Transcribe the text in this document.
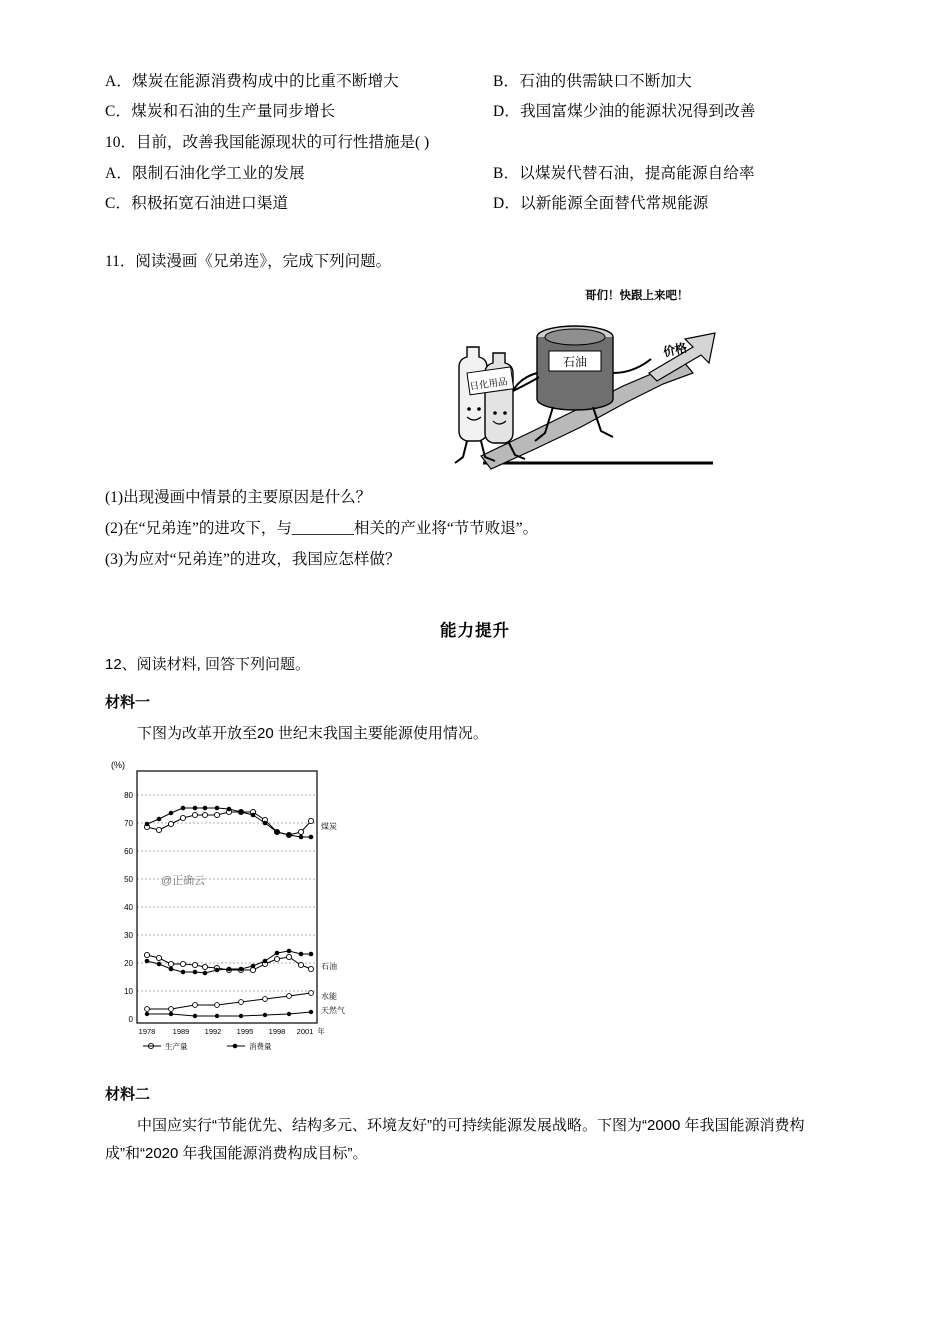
A．煤炭在能源消费构成中的比重不断增大	B．石油的供需缺口不断加大
C．煤炭和石油的生产量同步增长	D．我国富煤少油的能源状况得到改善
10．目前，改善我国能源现状的可行性措施是( )
A．限制石油化学工业的发展	B．以煤炭代替石油，提高能源自给率
C．积极拓宽石油进口渠道	D．以新能源全面替代常规能源
11．阅读漫画《兄弟连》，完成下列问题。
石油
日化用品
哥们！快跟上来吧！
价格
(1)出现漫画中情景的主要原因是什么？
(2)在“兄弟连”的进攻下，与________相关的产业将“节节败退”。
(3)为应对“兄弟连”的进攻，我国应怎样做？
能力提升
12、阅读材料, 回答下列问题。
材料一
下图为改革开放至20 世纪末我国主要能源使用情况。
(%)
80
70
60
50
40
30
20
10
0
1978 1989 1992 1995 1998 2001 年
煤炭
石油
水能
天然气
生产量	消费量
@正确云
材料二
中国应实行“节能优先、结构多元、环境友好”的可持续能源发展战略。下图为“2000 年我国能源消费构成”和“2020 年我国能源消费构成目标”。
